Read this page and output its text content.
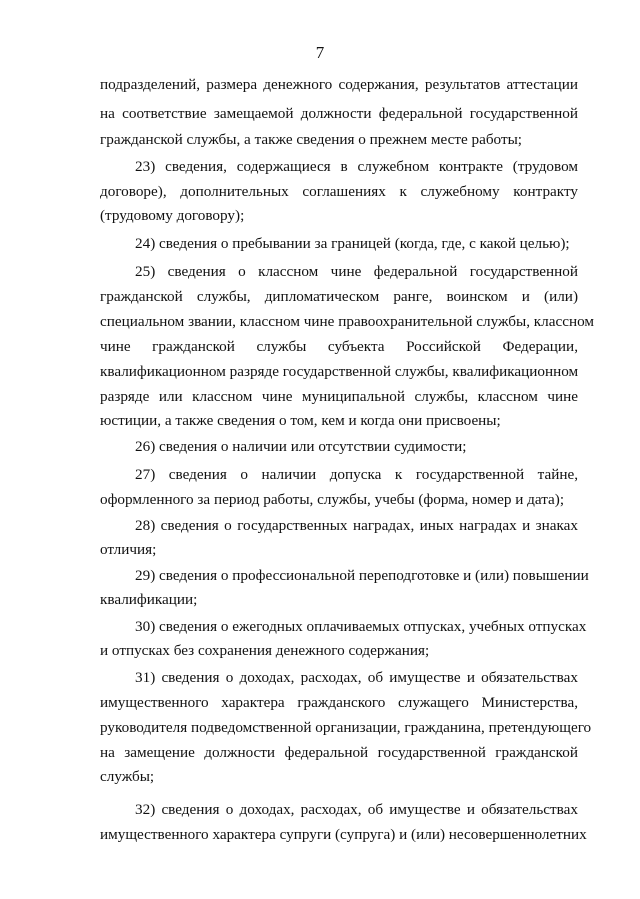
7
подразделений, размера денежного содержания, результатов аттестации
на соответствие замещаемой должности федеральной государственной
гражданской службы, а также сведения о прежнем месте работы;
23) сведения, содержащиеся в служебном контракте (трудовом
договоре), дополнительных соглашениях к служебному контракту
(трудовому договору);
24) сведения о пребывании за границей (когда, где, с какой целью);
25) сведения о классном чине федеральной государственной
гражданской службы, дипломатическом ранге, воинском и (или)
специальном звании, классном чине правоохранительной службы, классном
чине гражданской службы субъекта Российской Федерации,
квалификационном разряде государственной службы, квалификационном
разряде или классном чине муниципальной службы, классном чине
юстиции, а также сведения о том, кем и когда они присвоены;
26) сведения о наличии или отсутствии судимости;
27) сведения о наличии допуска к государственной тайне,
оформленного за период работы, службы, учебы (форма, номер и дата);
28) сведения о государственных наградах, иных наградах и знаках
отличия;
29) сведения о профессиональной переподготовке и (или) повышении
квалификации;
30) сведения о ежегодных оплачиваемых отпусках, учебных отпусках
и отпусках без сохранения денежного содержания;
31) сведения о доходах, расходах, об имуществе и обязательствах
имущественного характера гражданского служащего Министерства,
руководителя подведомственной организации, гражданина, претендующего
на замещение должности федеральной государственной гражданской
службы;
32) сведения о доходах, расходах, об имуществе и обязательствах
имущественного характера супруги (супруга) и (или) несовершеннолетних
